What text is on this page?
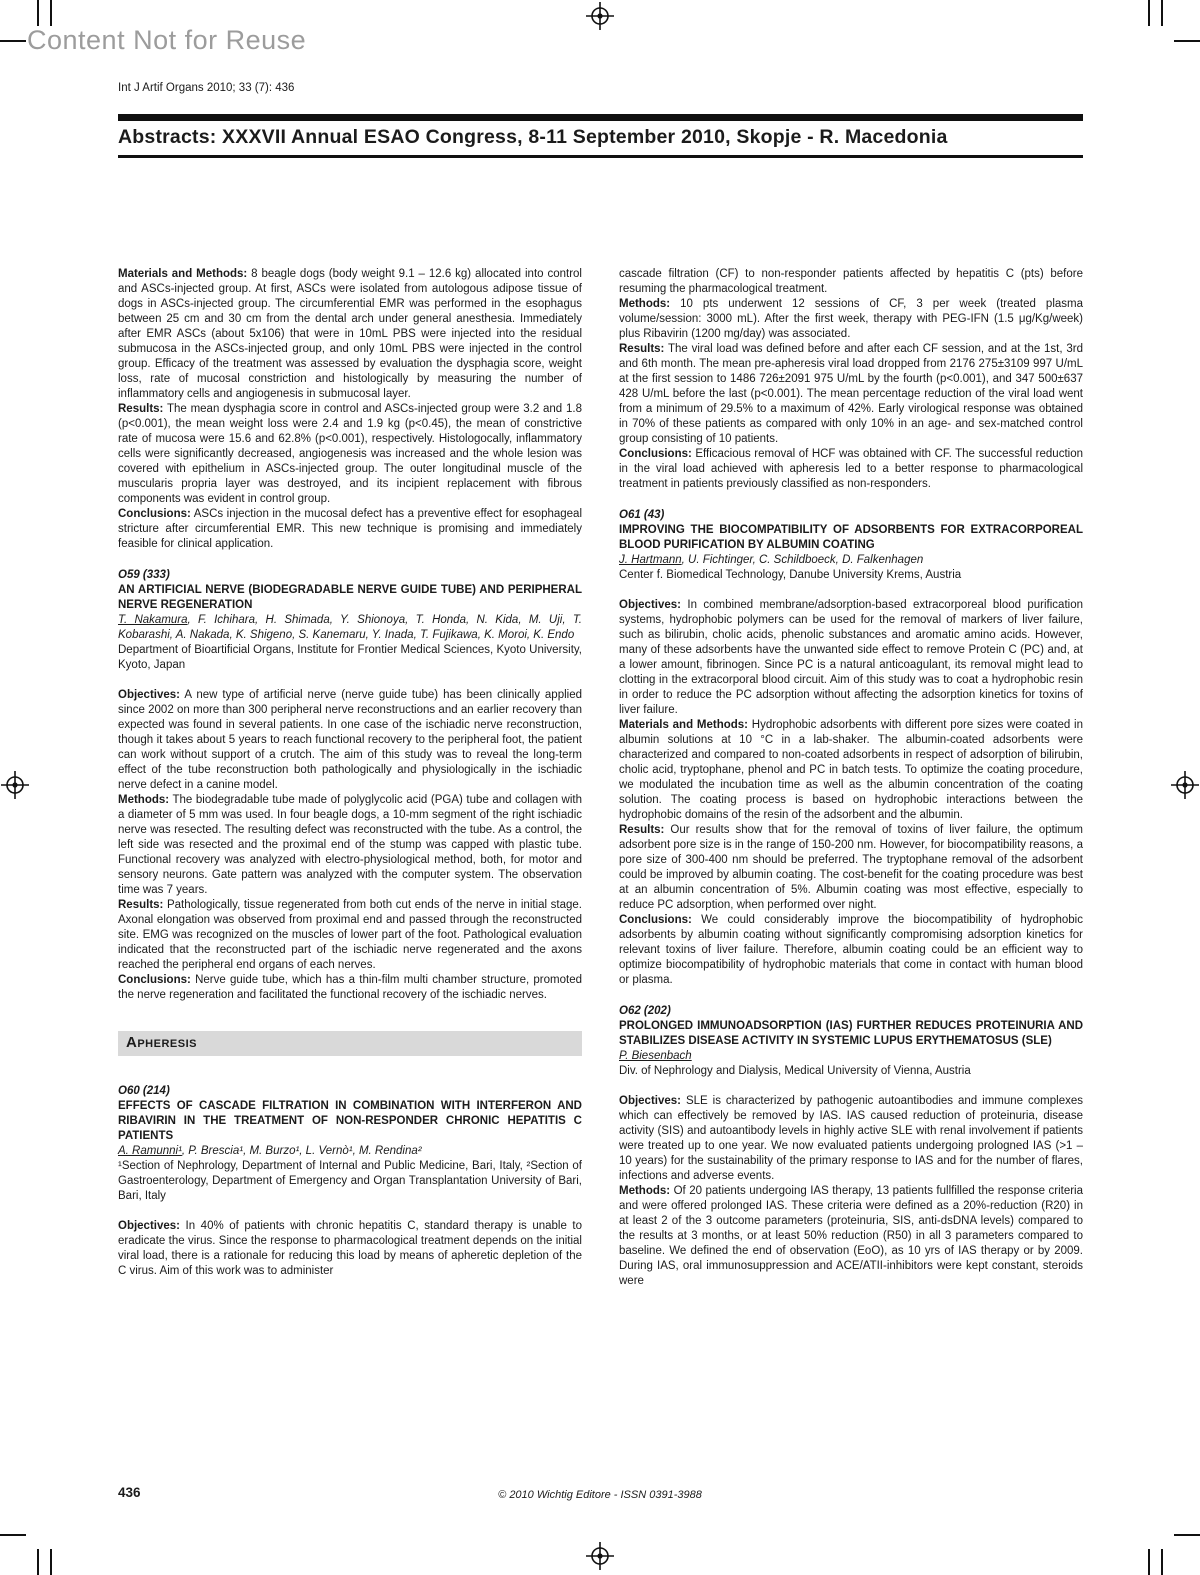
Content Not for Reuse
Int J Artif Organs 2010; 33 (7): 436
Abstracts: XXXVII Annual ESAO Congress, 8-11 September 2010, Skopje - R. Macedonia
Materials and Methods: 8 beagle dogs (body weight 9.1 – 12.6 kg) allocated into control and ASCs-injected group. At first, ASCs were isolated from autologous adipose tissue of dogs in ASCs-injected group. The circumferential EMR was performed in the esophagus between 25 cm and 30 cm from the dental arch under general anesthesia. Immediately after EMR ASCs (about 5x106) that were in 10mL PBS were injected into the residual submucosa in the ASCs-injected group, and only 10mL PBS were injected in the control group. Efficacy of the treatment was assessed by evaluation the dysphagia score, weight loss, rate of mucosal constriction and histologically by measuring the number of inflammatory cells and angiogenesis in submucosal layer.
Results: The mean dysphagia score in control and ASCs-injected group were 3.2 and 1.8 (p<0.001), the mean weight loss were 2.4 and 1.9 kg (p<0.45), the mean of constrictive rate of mucosa were 15.6 and 62.8% (p<0.001), respectively. Histologocally, inflammatory cells were significantly decreased, angiogenesis was increased and the whole lesion was covered with epithelium in ASCs-injected group. The outer longitudinal muscle of the muscularis propria layer was destroyed, and its incipient replacement with fibrous components was evident in control group.
Conclusions: ASCs injection in the mucosal defect has a preventive effect for esophageal stricture after circumferential EMR. This new technique is promising and immediately feasible for clinical application.
O59 (333)
AN ARTIFICIAL NERVE (BIODEGRADABLE NERVE GUIDE TUBE) AND PERIPHERAL NERVE REGENERATION
T. Nakamura, F. Ichihara, H. Shimada, Y. Shionoya, T. Honda, N. Kida, M. Uji, T. Kobarashi, A. Nakada, K. Shigeno, S. Kanemaru, Y. Inada, T. Fujikawa, K. Moroi, K. Endo
Department of Bioartificial Organs, Institute for Frontier Medical Sciences, Kyoto University, Kyoto, Japan
Objectives: A new type of artificial nerve (nerve guide tube) has been clinically applied since 2002 on more than 300 peripheral nerve reconstructions and an earlier recovery than expected was found in several patients. In one case of the ischiadic nerve reconstruction, though it takes about 5 years to reach functional recovery to the peripheral foot, the patient can work without support of a crutch. The aim of this study was to reveal the long-term effect of the tube reconstruction both pathologically and physiologically in the ischiadic nerve defect in a canine model.
Methods: The biodegradable tube made of polyglycolic acid (PGA) tube and collagen with a diameter of 5 mm was used. In four beagle dogs, a 10-mm segment of the right ischiadic nerve was resected. The resulting defect was reconstructed with the tube. As a control, the left side was resected and the proximal end of the stump was capped with plastic tube. Functional recovery was analyzed with electro-physiological method, both, for motor and sensory neurons. Gate pattern was analyzed with the computer system. The observation time was 7 years.
Results: Pathologically, tissue regenerated from both cut ends of the nerve in initial stage. Axonal elongation was observed from proximal end and passed through the reconstructed site. EMG was recognized on the muscles of lower part of the foot. Pathological evaluation indicated that the reconstructed part of the ischiadic nerve regenerated and the axons reached the peripheral end organs of each nerves.
Conclusions: Nerve guide tube, which has a thin-film multi chamber structure, promoted the nerve regeneration and facilitated the functional recovery of the ischiadic nerves.
Apheresis
O60 (214)
EFFECTS OF CASCADE FILTRATION IN COMBINATION WITH INTERFERON AND RIBAVIRIN IN THE TREATMENT OF NON-RESPONDER CHRONIC HEPATITIS C PATIENTS
A. Ramunni¹, P. Brescia¹, M. Burzo¹, L. Vernò¹, M. Rendina²
¹Section of Nephrology, Department of Internal and Public Medicine, Bari, Italy, ²Section of Gastroenterology, Department of Emergency and Organ Transplantation University of Bari, Bari, Italy
Objectives: In 40% of patients with chronic hepatitis C, standard therapy is unable to eradicate the virus. Since the response to pharmacological treatment depends on the initial viral load, there is a rationale for reducing this load by means of apheretic depletion of the C virus. Aim of this work was to administer
cascade filtration (CF) to non-responder patients affected by hepatitis C (pts) before resuming the pharmacological treatment.
Methods: 10 pts underwent 12 sessions of CF, 3 per week (treated plasma volume/session: 3000 mL). After the first week, therapy with PEG-IFN (1.5 μg/Kg/week) plus Ribavirin (1200 mg/day) was associated.
Results: The viral load was defined before and after each CF session, and at the 1st, 3rd and 6th month. The mean pre-apheresis viral load dropped from 2176 275±3109 997 U/mL at the first session to 1486 726±2091 975 U/mL by the fourth (p<0.001), and 347 500±637 428 U/mL before the last (p<0.001). The mean percentage reduction of the viral load went from a minimum of 29.5% to a maximum of 42%. Early virological response was obtained in 70% of these patients as compared with only 10% in an age- and sex-matched control group consisting of 10 patients.
Conclusions: Efficacious removal of HCF was obtained with CF. The successful reduction in the viral load achieved with apheresis led to a better response to pharmacological treatment in patients previously classified as non-responders.
O61 (43)
IMPROVING THE BIOCOMPATIBILITY OF ADSORBENTS FOR EXTRACORPOREAL BLOOD PURIFICATION BY ALBUMIN COATING
J. Hartmann, U. Fichtinger, C. Schildboeck, D. Falkenhagen
Center f. Biomedical Technology, Danube University Krems, Austria
Objectives: In combined membrane/adsorption-based extracorporeal blood purification systems, hydrophobic polymers can be used for the removal of markers of liver failure, such as bilirubin, cholic acids, phenolic substances and aromatic amino acids. However, many of these adsorbents have the unwanted side effect to remove Protein C (PC) and, at a lower amount, fibrinogen. Since PC is a natural anticoagulant, its removal might lead to clotting in the extracorporal blood circuit. Aim of this study was to coat a hydrophobic resin in order to reduce the PC adsorption without affecting the adsorption kinetics for toxins of liver failure.
Materials and Methods: Hydrophobic adsorbents with different pore sizes were coated in albumin solutions at 10 °C in a lab-shaker. The albumin-coated adsorbents were characterized and compared to non-coated adsorbents in respect of adsorption of bilirubin, cholic acid, tryptophane, phenol and PC in batch tests. To optimize the coating procedure, we modulated the incubation time as well as the albumin concentration of the coating solution. The coating process is based on hydrophobic interactions between the hydrophobic domains of the resin of the adsorbent and the albumin.
Results: Our results show that for the removal of toxins of liver failure, the optimum adsorbent pore size is in the range of 150-200 nm. However, for biocompatibility reasons, a pore size of 300-400 nm should be preferred. The tryptophane removal of the adsorbent could be improved by albumin coating. The cost-benefit for the coating procedure was best at an albumin concentration of 5%. Albumin coating was most effective, especially to reduce PC adsorption, when performed over night.
Conclusions: We could considerably improve the biocompatibility of hydrophobic adsorbents by albumin coating without significantly compromising adsorption kinetics for relevant toxins of liver failure. Therefore, albumin coating could be an efficient way to optimize biocompatibility of hydrophobic materials that come in contact with human blood or plasma.
O62 (202)
PROLONGED IMMUNOADSORPTION (IAS) FURTHER REDUCES PROTEINURIA AND STABILIZES DISEASE ACTIVITY IN SYSTEMIC LUPUS ERYTHEMATOSUS (SLE)
P. Biesenbach
Div. of Nephrology and Dialysis, Medical University of Vienna, Austria
Objectives: SLE is characterized by pathogenic autoantibodies and immune complexes which can effectively be removed by IAS. IAS caused reduction of proteinuria, disease activity (SIS) and autoantibody levels in highly active SLE with renal involvement if patients were treated up to one year. We now evaluated patients undergoing prologned IAS (>1 – 10 years) for the sustainability of the primary response to IAS and for the number of flares, infections and adverse events.
Methods: Of 20 patients undergoing IAS therapy, 13 patients fullfilled the response criteria and were offered prolonged IAS. These criteria were defined as a 20%-reduction (R20) in at least 2 of the 3 outcome parameters (proteinuria, SIS, anti-dsDNA levels) compared to the results at 3 months, or at least 50% reduction (R50) in all 3 parameters compared to baseline. We defined the end of observation (EoO), as 10 yrs of IAS therapy or by 2009. During IAS, oral immunosuppression and ACE/ATII-inhibitors were kept constant, steroids were
436	© 2010 Wichtig Editore - ISSN 0391-3988
